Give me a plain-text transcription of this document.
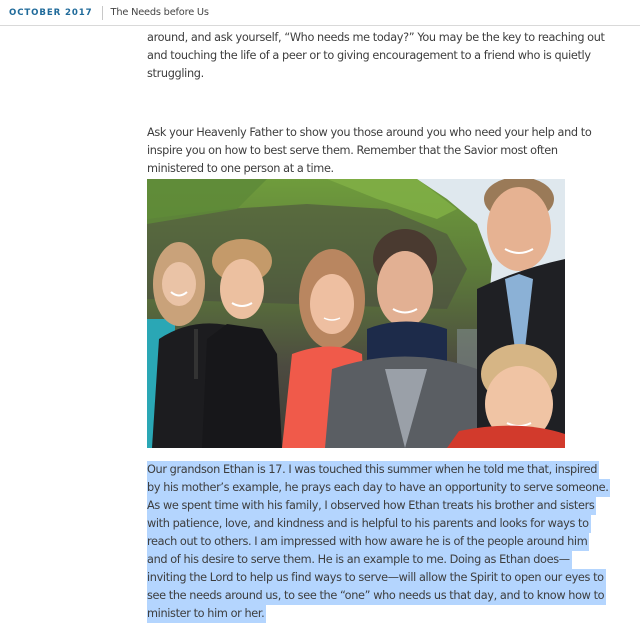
OCTOBER 2017 The Needs before Us
around, and ask yourself, “Who needs me today?” You may be the key to reaching out
and touching the life of a peer or to giving encouragement to a friend who is quietly
struggling.
Ask your Heavenly Father to show you those around you who need your help and to
inspire you on how to best serve them. Remember that the Savior most often
ministered to one person at a time.
Our grandson Ethan is 17. I was touched this summer when he told me that, inspired
by his mother’s example, he prays each day to have an opportunity to serve someone.
As we spent time with his family, I observed how Ethan treats his brother and sisters
with patience, love, and kindness and is helpful to his parents and looks for ways to
reach out to others. I am impressed with how aware he is of the people around him
and of his desire to serve them. He is an example to me. Doing as Ethan does—
inviting the Lord to help us find ways to serve—will allow the Spirit to open our eyes to
see the needs around us, to see the “one” who needs us that day, and to know how to
minister to him or her.
